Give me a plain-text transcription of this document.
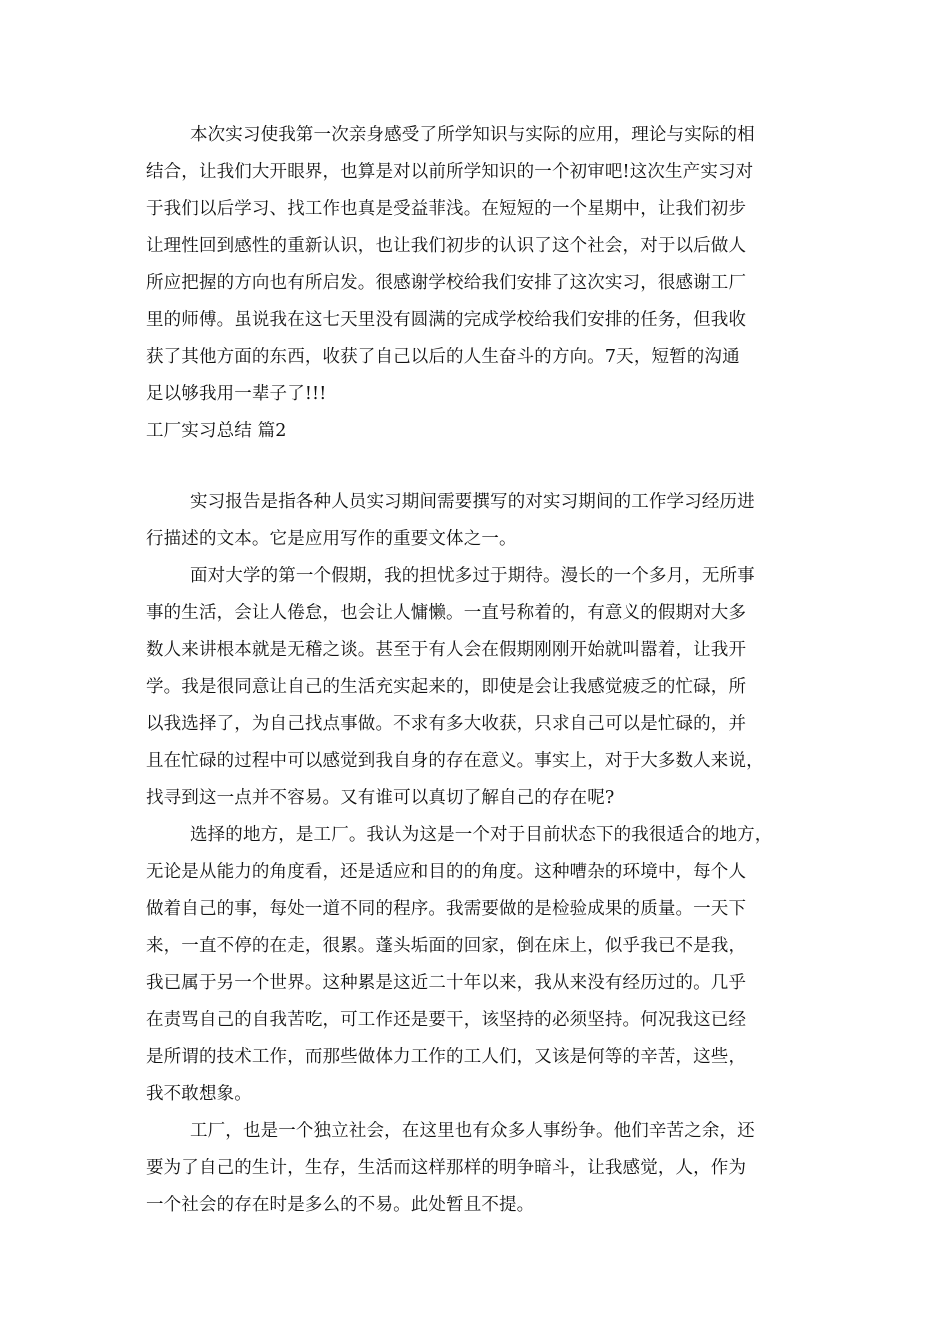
本次实习使我第一次亲身感受了所学知识与实际的应用，理论与实际的相
结合，让我们大开眼界，也算是对以前所学知识的一个初审吧!这次生产实习对
于我们以后学习、找工作也真是受益菲浅。在短短的一个星期中，让我们初步
让理性回到感性的重新认识，也让我们初步的认识了这个社会，对于以后做人
所应把握的方向也有所启发。很感谢学校给我们安排了这次实习，很感谢工厂
里的师傅。虽说我在这七天里没有圆满的完成学校给我们安排的任务，但我收
获了其他方面的东西，收获了自己以后的人生奋斗的方向。7天，短暂的沟通
足以够我用一辈子了!!!
工厂实习总结 篇2
实习报告是指各种人员实习期间需要撰写的对实习期间的工作学习经历进
行描述的文本。它是应用写作的重要文体之一。
面对大学的第一个假期，我的担忧多过于期待。漫长的一个多月，无所事
事的生活，会让人倦怠，也会让人慵懒。一直号称着的，有意义的假期对大多
数人来讲根本就是无稽之谈。甚至于有人会在假期刚刚开始就叫嚣着，让我开
学。我是很同意让自己的生活充实起来的，即使是会让我感觉疲乏的忙碌，所
以我选择了，为自己找点事做。不求有多大收获，只求自己可以是忙碌的，并
且在忙碌的过程中可以感觉到我自身的存在意义。事实上，对于大多数人来说，
找寻到这一点并不容易。又有谁可以真切了解自己的存在呢?
选择的地方，是工厂。我认为这是一个对于目前状态下的我很适合的地方，
无论是从能力的角度看，还是适应和目的的角度。这种嘈杂的环境中，每个人
做着自己的事，每处一道不同的程序。我需要做的是检验成果的质量。一天下
来，一直不停的在走，很累。蓬头垢面的回家，倒在床上，似乎我已不是我，
我已属于另一个世界。这种累是这近二十年以来，我从来没有经历过的。几乎
在责骂自己的自我苦吃，可工作还是要干，该坚持的必须坚持。何况我这已经
是所谓的技术工作，而那些做体力工作的工人们，又该是何等的辛苦，这些，
我不敢想象。
工厂，也是一个独立社会，在这里也有众多人事纷争。他们辛苦之余，还
要为了自己的生计，生存，生活而这样那样的明争暗斗，让我感觉，人，作为
一个社会的存在时是多么的不易。此处暂且不提。
